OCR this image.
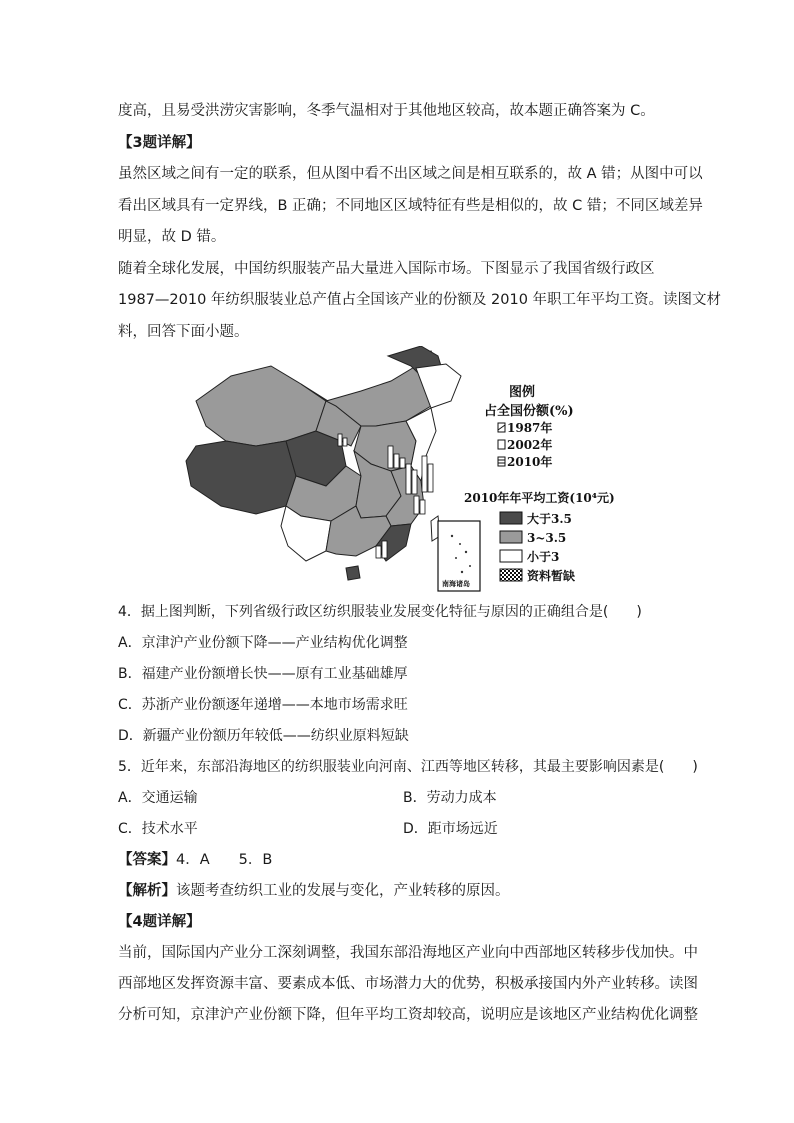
度高，且易受洪涝灾害影响，冬季气温相对于其他地区较高，故本题正确答案为 C。
【3题详解】
虽然区域之间有一定的联系，但从图中看不出区域之间是相互联系的，故 A 错；从图中可以
看出区域具有一定界线，B 正确；不同地区区域特征有些是相似的，故 C 错；不同区域差异
明显，故 D 错。
随着全球化发展，中国纺织服装产品大量进入国际市场。下图显示了我国省级行政区
1987—2010 年纺织服装业总产值占全国该产业的份额及 2010 年职工年平均工资。读图文材
料，回答下面小题。
南海诸岛
图例
占全国份额(%)
1987年
2002年
2010年
2010年年平均工资(10⁴元)
大于3.5
3~3.5
小于3
资料暂缺
4．据上图判断，下列省级行政区纺织服装业发展变化特征与原因的正确组合是(　　)
A．京津沪产业份额下降——产业结构优化调整
B．福建产业份额增长快——原有工业基础雄厚
C．苏浙产业份额逐年递增——本地市场需求旺
D．新疆产业份额历年较低——纺织业原料短缺
5．近年来，东部沿海地区的纺织服装业向河南、江西等地区转移，其最主要影响因素是(　　)
A．交通运输	B．劳动力成本
C．技术水平	D．距市场远近
【答案】4．A　　5．B
【解析】该题考查纺织工业的发展与变化，产业转移的原因。
【4题详解】
当前，国际国内产业分工深刻调整，我国东部沿海地区产业向中西部地区转移步伐加快。中
西部地区发挥资源丰富、要素成本低、市场潜力大的优势，积极承接国内外产业转移。读图
分析可知，京津沪产业份额下降，但年平均工资却较高，说明应是该地区产业结构优化调整
